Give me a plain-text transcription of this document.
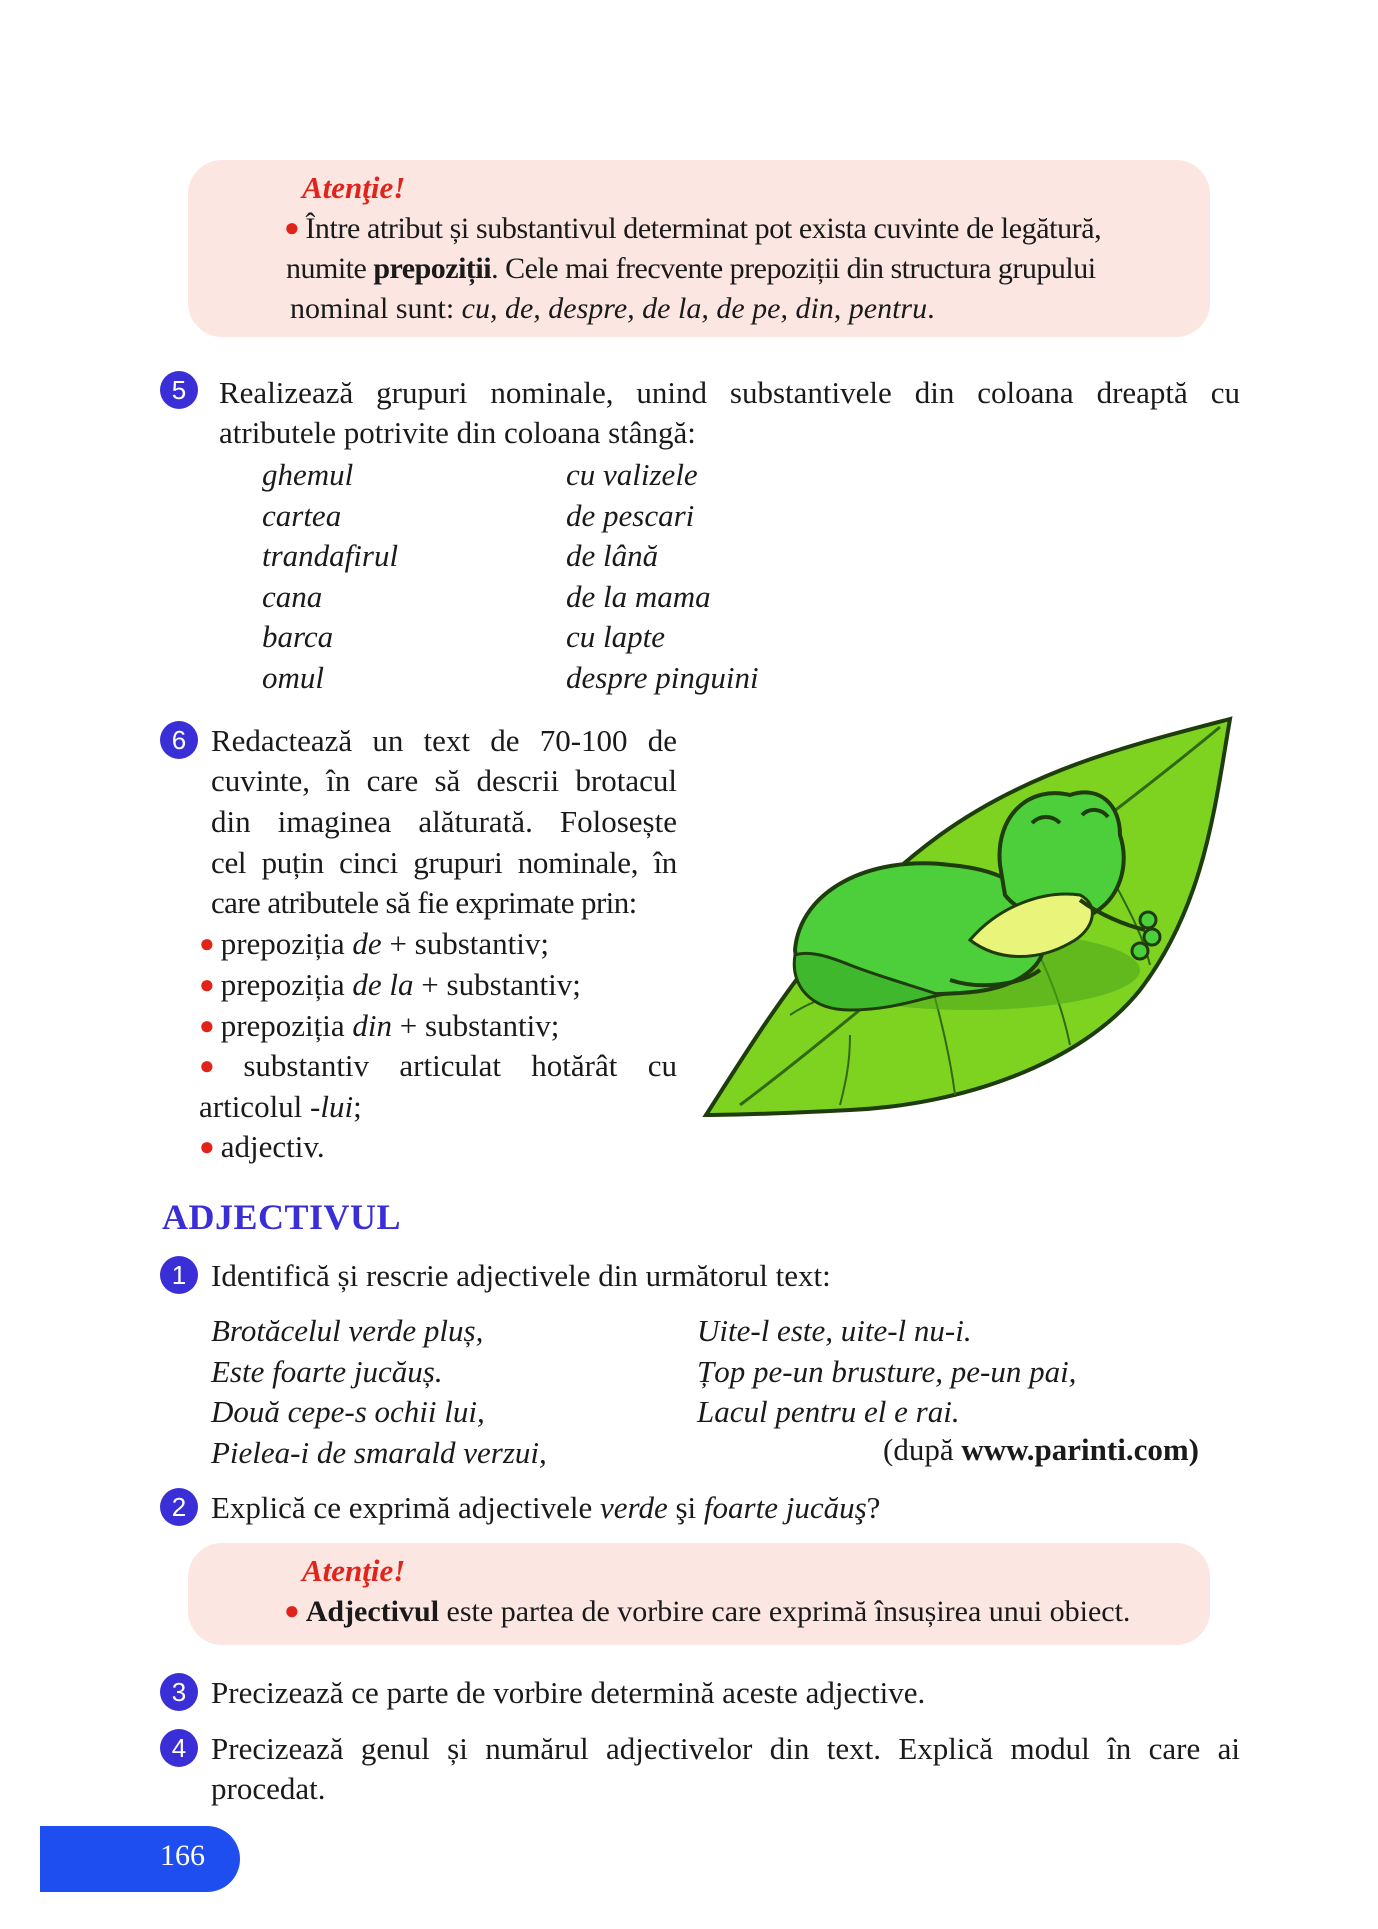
Atenţie!
● Între atribut și substantivul determinat pot exista cuvinte de legătură,
numite prepoziții. Cele mai frecvente prepoziții din structura grupului
nominal sunt: cu, de, despre, de la, de pe, din, pentru.
5	Realizează grupuri nominale, unind substantivele din coloana dreaptă cu
atributele potrivite din coloana stângă:
ghemul
cartea
trandafirul
cana
barca
omul
cu valizele
de pescari
de lână
de la mama
cu lapte
despre pinguini
6 Redactează un text de 70-100 de
cuvinte, în care să descrii brotacul
din imaginea alăturată. Folosește
cel puțin cinci grupuri nominale, în
care atributele să fie exprimate prin:
● prepoziția de + substantiv;
● prepoziția de la + substantiv;
● prepoziția din + substantiv;
● substantiv articulat hotărât cu
articolul -lui;
● adjectiv.
ADJECTIVUL
1 Identifică și rescrie adjectivele din următorul text:
Brotăcelul verde pluș,
Este foarte jucăuș.
Două cepe-s ochii lui,
Pielea-i de smarald verzui,
Uite-l este, uite-l nu-i.
Țop pe-un brusture, pe-un pai,
Lacul pentru el e rai.
(după www.parinti.com)
2 Explică ce exprimă adjectivele verde şi foarte jucăuş?
Atenţie!
● Adjectivul este partea de vorbire care exprimă însușirea unui obiect.
3 Precizează ce parte de vorbire determină aceste adjective.
4 Precizează genul și numărul adjectivelor din text. Explică modul în care ai
procedat.
166
